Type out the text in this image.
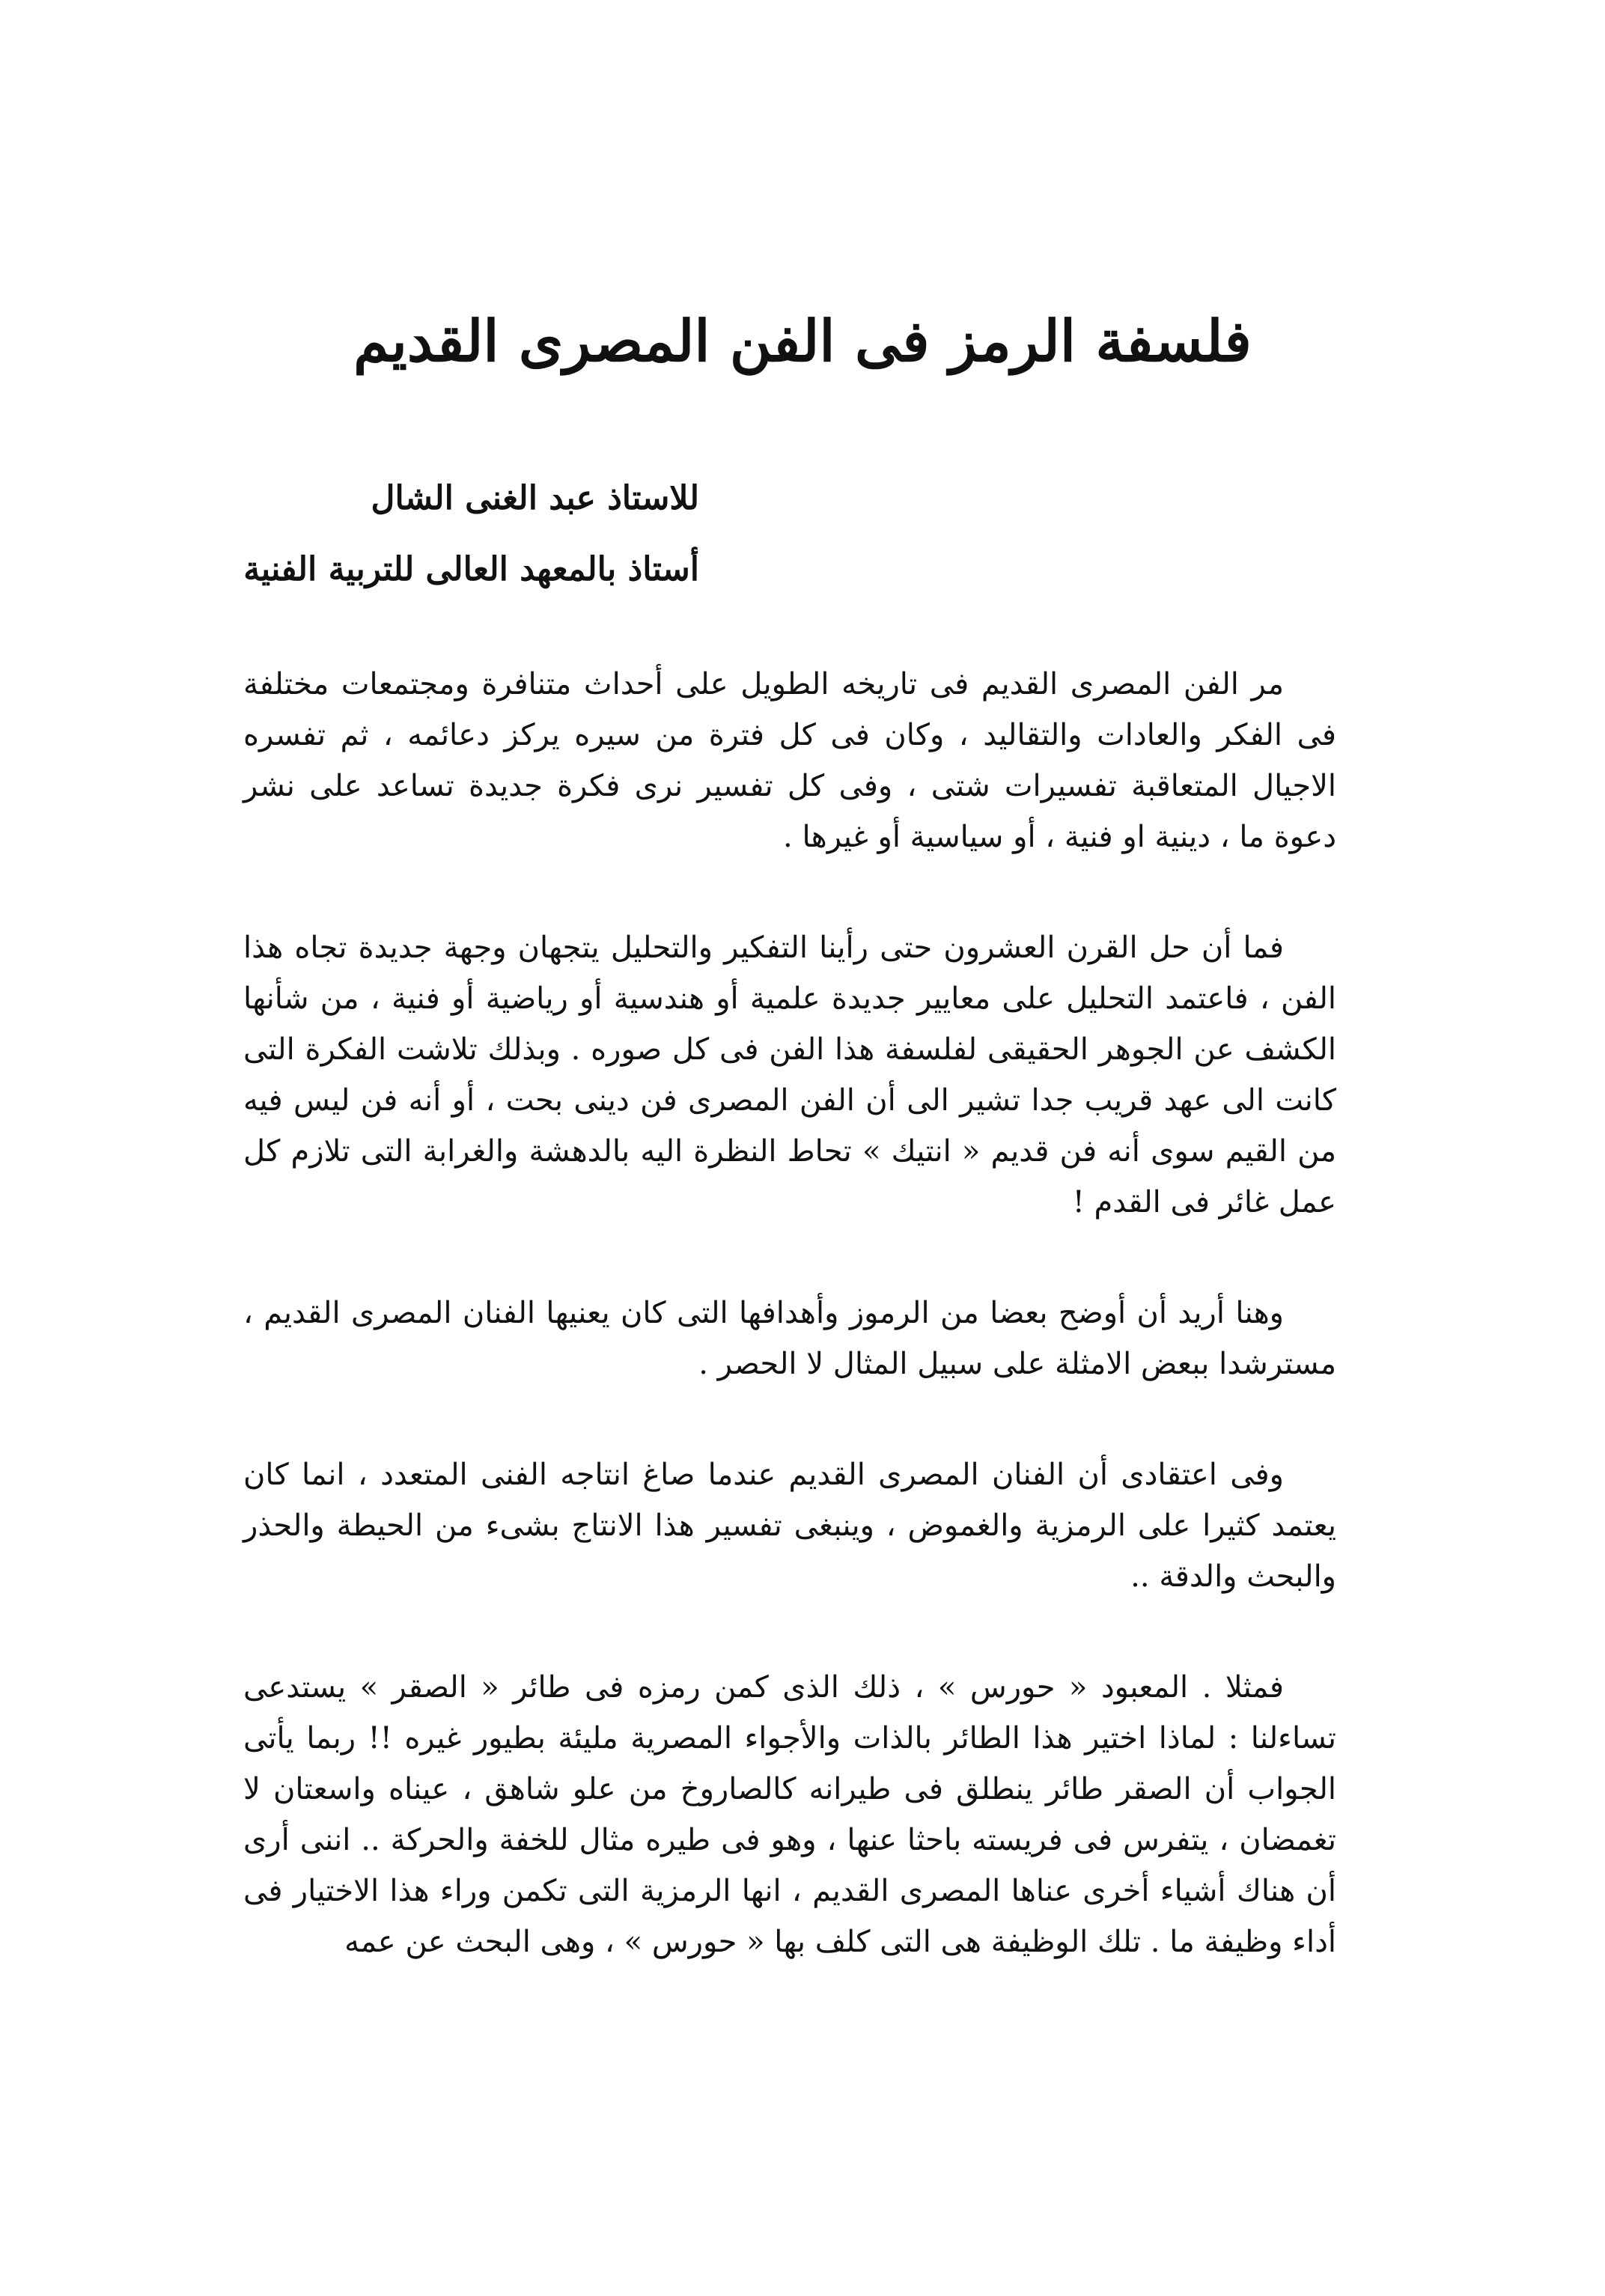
فلسفة الرمز فى الفن المصرى القديم

للاستاذ عبد الغنى الشال

أستاذ بالمعهد العالى للتربية الفنية

مر الفن المصرى القديم فى تاريخه الطويل على أحداث متنافرة ومجتمعات مختلفة فى الفكر والعادات والتقاليد ، وكان فى كل فترة من سيره يركز دعائمه ، ثم تفسره الاجيال المتعاقبة تفسيرات شتى ، وفى كل تفسير نرى فكرة جديدة تساعد على نشر دعوة ما ، دينية او فنية ، أو سياسية أو غيرها .

فما أن حل القرن العشرون حتى رأينا التفكير والتحليل يتجهان وجهة جديدة تجاه هذا الفن ، فاعتمد التحليل على معايير جديدة علمية أو هندسية أو رياضية أو فنية ، من شأنها الكشف عن الجوهر الحقيقى لفلسفة هذا الفن فى كل صوره . وبذلك تلاشت الفكرة التى كانت الى عهد قريب جدا تشير الى أن الفن المصرى فن دينى بحت ، أو أنه فن ليس فيه من القيم سوى أنه فن قديم « انتيك » تحاط النظرة اليه بالدهشة والغرابة التى تلازم كل عمل غائر فى القدم !

وهنا أريد أن أوضح بعضا من الرموز وأهدافها التى كان يعنيها الفنان المصرى القديم ، مسترشدا ببعض الامثلة على سبيل المثال لا الحصر .

وفى اعتقادى أن الفنان المصرى القديم عندما صاغ انتاجه الفنى المتعدد ، انما كان يعتمد كثيرا على الرمزية والغموض ، وينبغى تفسير هذا الانتاج بشىء من الحيطة والحذر والبحث والدقة ..

فمثلا . المعبود « حورس » ، ذلك الذى كمن رمزه فى طائر « الصقر » يستدعى تساءلنا : لماذا اختير هذا الطائر بالذات والأجواء المصرية مليئة بطيور غيره !! ربما يأتى الجواب أن الصقر طائر ينطلق فى طيرانه كالصاروخ من علو شاهق ، عيناه واسعتان لا تغمضان ، يتفرس فى فريسته باحثا عنها ، وهو فى طيره مثال للخفة والحركة .. اننى أرى أن هناك أشياء أخرى عناها المصرى القديم ، انها الرمزية التى تكمن وراء هذا الاختيار فى أداء وظيفة ما . تلك الوظيفة هى التى كلف بها « حورس » ، وهى البحث عن عمه
